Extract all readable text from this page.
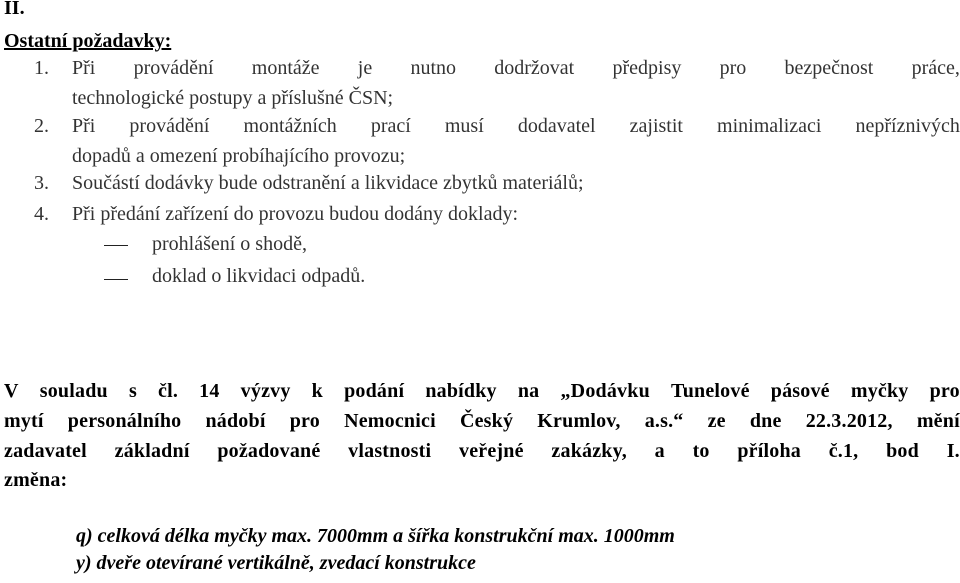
II.
Ostatní požadavky:
1. Při provádění montáže je nutno dodržovat předpisy pro bezpečnost práce,
technologické postupy a příslušné ČSN;
2. Při provádění montážních prací musí dodavatel zajistit minimalizaci nepříznivých
dopadů a omezení probíhajícího provozu;
3. Součástí dodávky bude odstranění a likvidace zbytků materiálů;
4. Při předání zařízení do provozu budou dodány doklady:
prohlášení o shodě,
doklad o likvidaci odpadů.
V souladu s čl. 14 výzvy k podání nabídky na „Dodávku Tunelové pásové myčky pro
mytí personálního nádobí pro Nemocnici Český Krumlov, a.s.“ ze dne 22.3.2012, mění
zadavatel základní požadované vlastnosti veřejné zakázky, a to příloha č.1, bod I.
změna:
q) celková délka myčky max. 7000mm a šířka konstrukční max. 1000mm
y) dveře otevírané vertikálně, zvedací konstrukce
